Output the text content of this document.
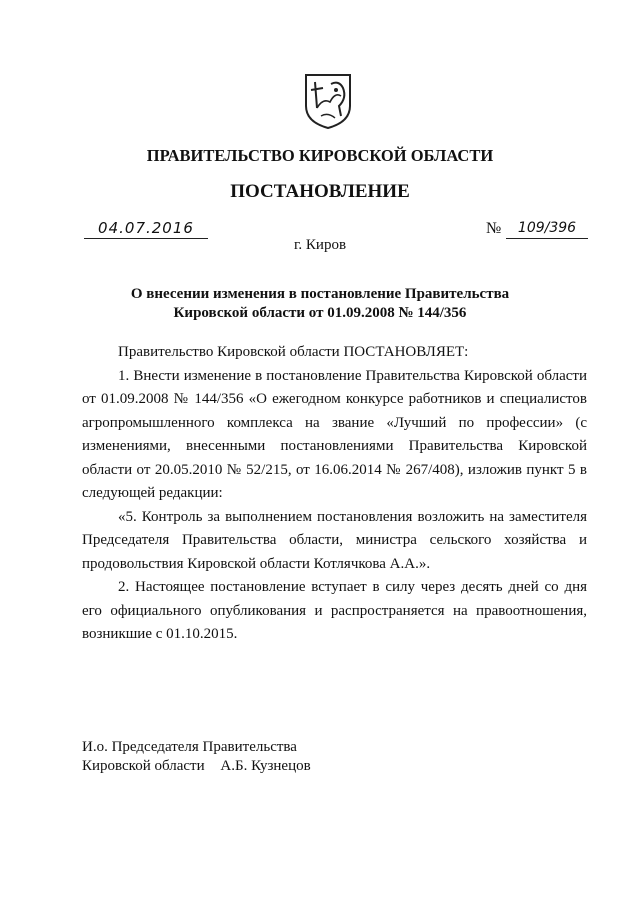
ПРАВИТЕЛЬСТВО КИРОВСКОЙ ОБЛАСТИ
ПОСТАНОВЛЕНИЕ
04.07.2016	№	109/396
г. Киров
О внесении изменения в постановление Правительства
Кировской области от 01.09.2008 № 144/356

Правительство Кировской области ПОСТАНОВЛЯЕТ:

1. Внести изменение в постановление Правительства Кировской области от 01.09.2008 № 144/356 «О ежегодном конкурсе работников и специалистов агропромышленного комплекса на звание «Лучший по профессии» (с изменениями, внесенными постановлениями Правительства Кировской области от 20.05.2010 № 52/215, от 16.06.2014 № 267/408), изложив пункт 5 в следующей редакции:

«5. Контроль за выполнением постановления возложить на заместителя Председателя Правительства области, министра сельского хозяйства и продовольствия Кировской области Котлячкова А.А.».

2. Настоящее постановление вступает в силу через десять дней со дня его официального опубликования и распространяется на правоотношения, возникшие с 01.10.2015.

И.о. Председателя Правительства
Кировской области А.Б. Кузнецов
